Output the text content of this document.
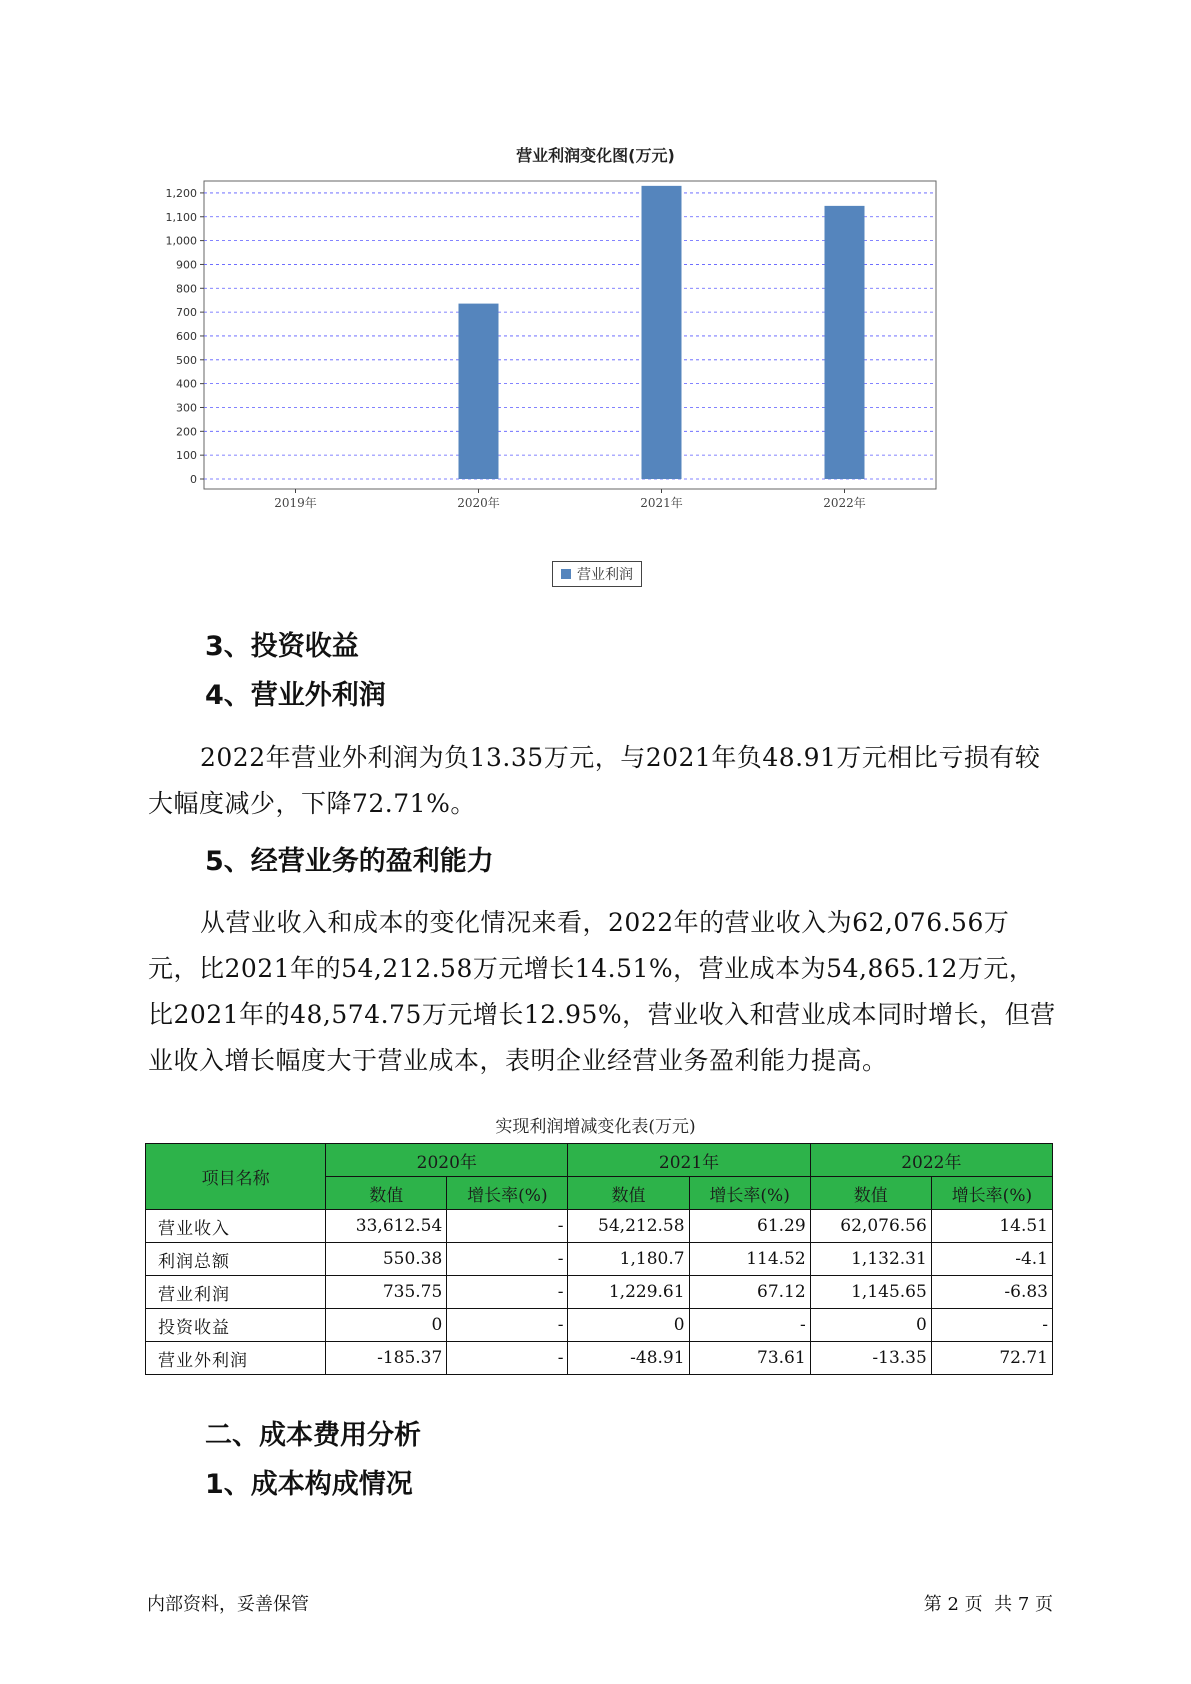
营业利润变化图(万元)
0
100
200
300
400
500
600
700
800
900
1,000
1,100
1,200
2019年	2020年	2021年	2022年
营业利润
3、投资收益
4、营业外利润

2022年营业外利润为负13.35万元，与2021年负48.91万元相比亏损有较大幅度减少，下降72.71%。

5、经营业务的盈利能力

从营业收入和成本的变化情况来看，2022年的营业收入为62,076.56万元，比2021年的54,212.58万元增长14.51%，营业成本为54,865.12万元，比2021年的48,574.75万元增长12.95%，营业收入和营业成本同时增长，但营业收入增长幅度大于营业成本，表明企业经营业务盈利能力提高。

实现利润增减变化表(万元)
项目名称	2020年		2021年		2022年	
	数值	增长率(%)	数值	增长率(%)	数值	增长率(%)
营业收入	33,612.54	-	54,212.58	61.29	62,076.56	14.51
利润总额	550.38	-	1,180.7	114.52	1,132.31	-4.1
营业利润	735.75	-	1,229.61	67.12	1,145.65	-6.83
投资收益	0	-	0	-	0	-
营业外利润	-185.37	-	-48.91	73.61	-13.35	72.71
二、成本费用分析
1、成本构成情况
内部资料，妥善保管	第 2 页  共 7 页
